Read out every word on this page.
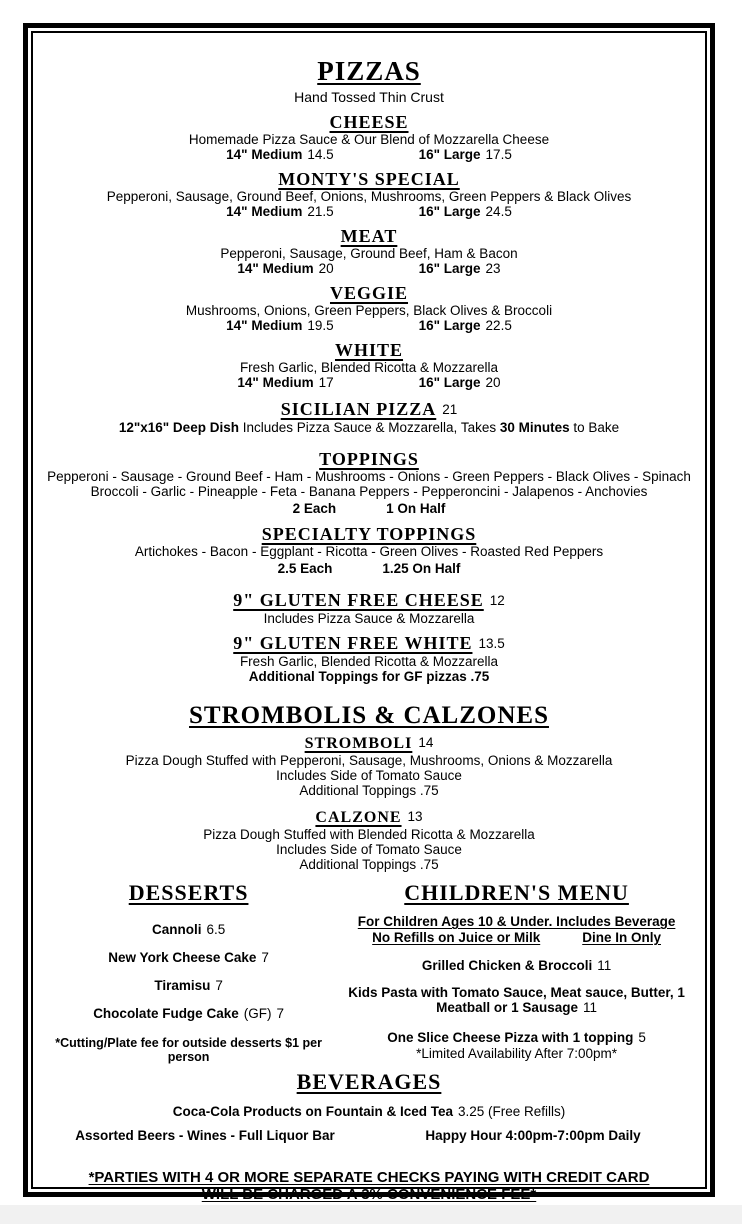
PIZZAS
Hand Tossed Thin Crust
CHEESE
Homemade Pizza Sauce & Our Blend of Mozzarella Cheese
14" Medium 14.5	16" Large 17.5
MONTY'S SPECIAL
Pepperoni, Sausage, Ground Beef, Onions, Mushrooms, Green Peppers & Black Olives
14" Medium 21.5	16" Large 24.5
MEAT
Pepperoni, Sausage, Ground Beef, Ham & Bacon
14" Medium 20	16" Large 23
VEGGIE
Mushrooms, Onions, Green Peppers, Black Olives & Broccoli
14" Medium 19.5	16" Large 22.5
WHITE
Fresh Garlic, Blended Ricotta & Mozzarella
14" Medium 17	16" Large 20
SICILIAN PIZZA 21
12"x16" Deep Dish Includes Pizza Sauce & Mozzarella, Takes 30 Minutes to Bake
TOPPINGS
Pepperoni - Sausage - Ground Beef - Ham - Mushrooms - Onions - Green Peppers - Black Olives - Spinach
Broccoli - Garlic - Pineapple - Feta - Banana Peppers - Pepperoncini - Jalapenos - Anchovies
2 Each	1 On Half
SPECIALTY TOPPINGS
Artichokes - Bacon - Eggplant - Ricotta - Green Olives - Roasted Red Peppers
2.5 Each	1.25 On Half
9" GLUTEN FREE CHEESE 12
Includes Pizza Sauce & Mozzarella
9" GLUTEN FREE WHITE 13.5
Fresh Garlic, Blended Ricotta & Mozzarella
Additional Toppings for GF pizzas .75
STROMBOLIS & CALZONES
STROMBOLI 14
Pizza Dough Stuffed with Pepperoni, Sausage, Mushrooms, Onions & Mozzarella
Includes Side of Tomato Sauce
Additional Toppings .75
CALZONE 13
Pizza Dough Stuffed with Blended Ricotta & Mozzarella
Includes Side of Tomato Sauce
Additional Toppings .75
DESSERTS
Cannoli 6.5
New York Cheese Cake 7
Tiramisu 7
Chocolate Fudge Cake (GF) 7
*Cutting/Plate fee for outside desserts $1 per person
CHILDREN'S MENU
For Children Ages 10 & Under. Includes Beverage
No Refills on Juice or Milk	Dine In Only
Grilled Chicken & Broccoli 11
Kids Pasta with Tomato Sauce, Meat sauce, Butter, 1 Meatball or 1 Sausage 11
One Slice Cheese Pizza with 1 topping 5
*Limited Availability After 7:00pm*
BEVERAGES
Coca-Cola Products on Fountain & Iced Tea 3.25 (Free Refills)
Assorted Beers - Wines - Full Liquor Bar	Happy Hour 4:00pm-7:00pm Daily
*PARTIES WITH 4 OR MORE SEPARATE CHECKS PAYING WITH CREDIT CARD
WILL BE CHARGED A 3% CONVENIENCE FEE*
